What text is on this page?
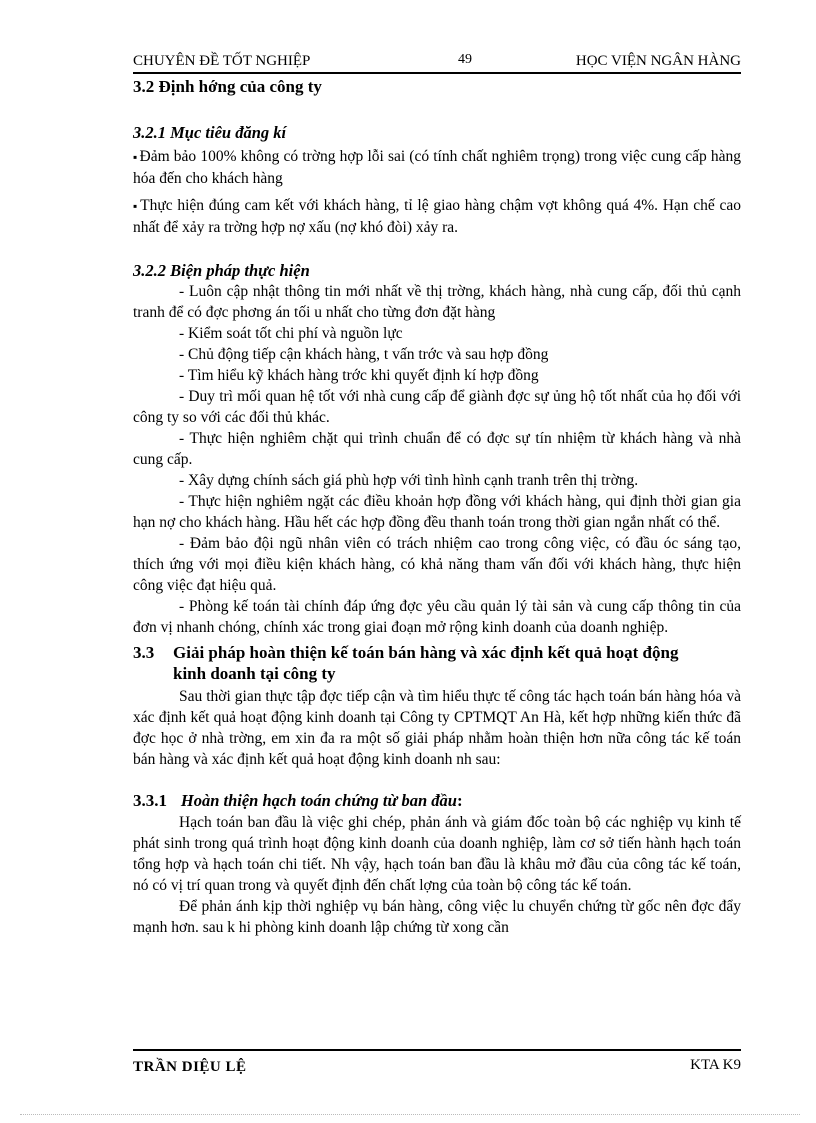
CHUYÊN ĐỀ TỐT NGHIỆP	49	HỌC VIỆN NGÂN HÀNG

3.2 Định hớng của công ty

3.2.1 Mục tiêu đăng kí

▪ Đảm bảo 100% không có trờng hợp lỗi sai (có tính chất nghiêm trọng) trong việc cung cấp hàng hóa đến cho khách hàng

▪ Thực hiện đúng cam kết với khách hàng, tỉ lệ giao hàng chậm vợt không quá 4%. Hạn chế cao nhất để xảy ra trờng hợp nợ xấu (nợ khó đòi) xảy ra.

3.2.2 Biện pháp thực hiện

- Luôn cập nhật thông tin mới nhất về thị trờng, khách hàng, nhà cung cấp, đối thủ cạnh tranh để có đợc phơng án tối u nhất cho từng đơn đặt hàng

- Kiểm soát tốt chi phí và nguồn lực

- Chủ động tiếp cận khách hàng, t vấn trớc và sau hợp đồng

- Tìm hiểu kỹ khách hàng trớc khi quyết định kí hợp đồng

- Duy trì mối quan hệ tốt với nhà cung cấp để giành đợc sự ủng hộ tốt nhất của họ đối với công ty so với các đối thủ khác.

- Thực hiện nghiêm chặt qui trình chuẩn để có đợc sự tín nhiệm từ khách hàng và nhà cung cấp.

- Xây dựng chính sách giá phù hợp với tình hình cạnh tranh trên thị trờng.

- Thực hiện nghiêm ngặt các điều khoản hợp đồng với khách hàng, qui định thời gian gia hạn nợ cho khách hàng. Hầu hết các hợp đồng đều thanh toán trong thời gian ngắn nhất có thể.

- Đảm bảo đội ngũ nhân viên có trách nhiệm cao trong công việc, có đầu óc sáng tạo, thích ứng với mọi điều kiện khách hàng, có khả năng tham vấn đối với khách hàng, thực hiện công việc đạt hiệu quả.

- Phòng kế toán tài chính đáp ứng đợc yêu cầu quản lý tài sản và cung cấp thông tin của đơn vị nhanh chóng, chính xác trong giai đoạn mở rộng kinh doanh của doanh nghiệp.

3.3 Giải pháp hoàn thiện kế toán bán hàng và xác định kết quả hoạt động
kinh doanh tại công ty

Sau thời gian thực tập đợc tiếp cận và tìm hiểu thực tế công tác hạch toán bán hàng hóa và xác định kết quả hoạt động kinh doanh tại Công ty CPTMQT An Hà, kết hợp những kiến thức đã đợc học ở nhà trờng, em xin đa ra một số giải pháp nhằm hoàn thiện hơn nữa công tác kế toán bán hàng và xác định kết quả hoạt động kinh doanh nh sau:

3.3.1 Hoàn thiện hạch toán chứng từ ban đầu:

Hạch toán ban đầu là việc ghi chép, phản ánh và giám đốc toàn bộ các nghiệp vụ kinh tế phát sinh trong quá trình hoạt động kinh doanh của doanh nghiệp, làm cơ sở tiến hành hạch toán tổng hợp và hạch toán chi tiết. Nh vậy, hạch toán ban đầu là khâu mở đầu của công tác kế toán, nó có vị trí quan trong và quyết định đến chất lợng của toàn bộ công tác kế toán.

Để phản ánh kịp thời nghiệp vụ bán hàng, công việc lu chuyển chứng từ gốc nên đợc đẩy mạnh hơn. sau k hi phòng kinh doanh lập chứng từ xong cần

TRẦN DIỆU LỆ	KTA K9
